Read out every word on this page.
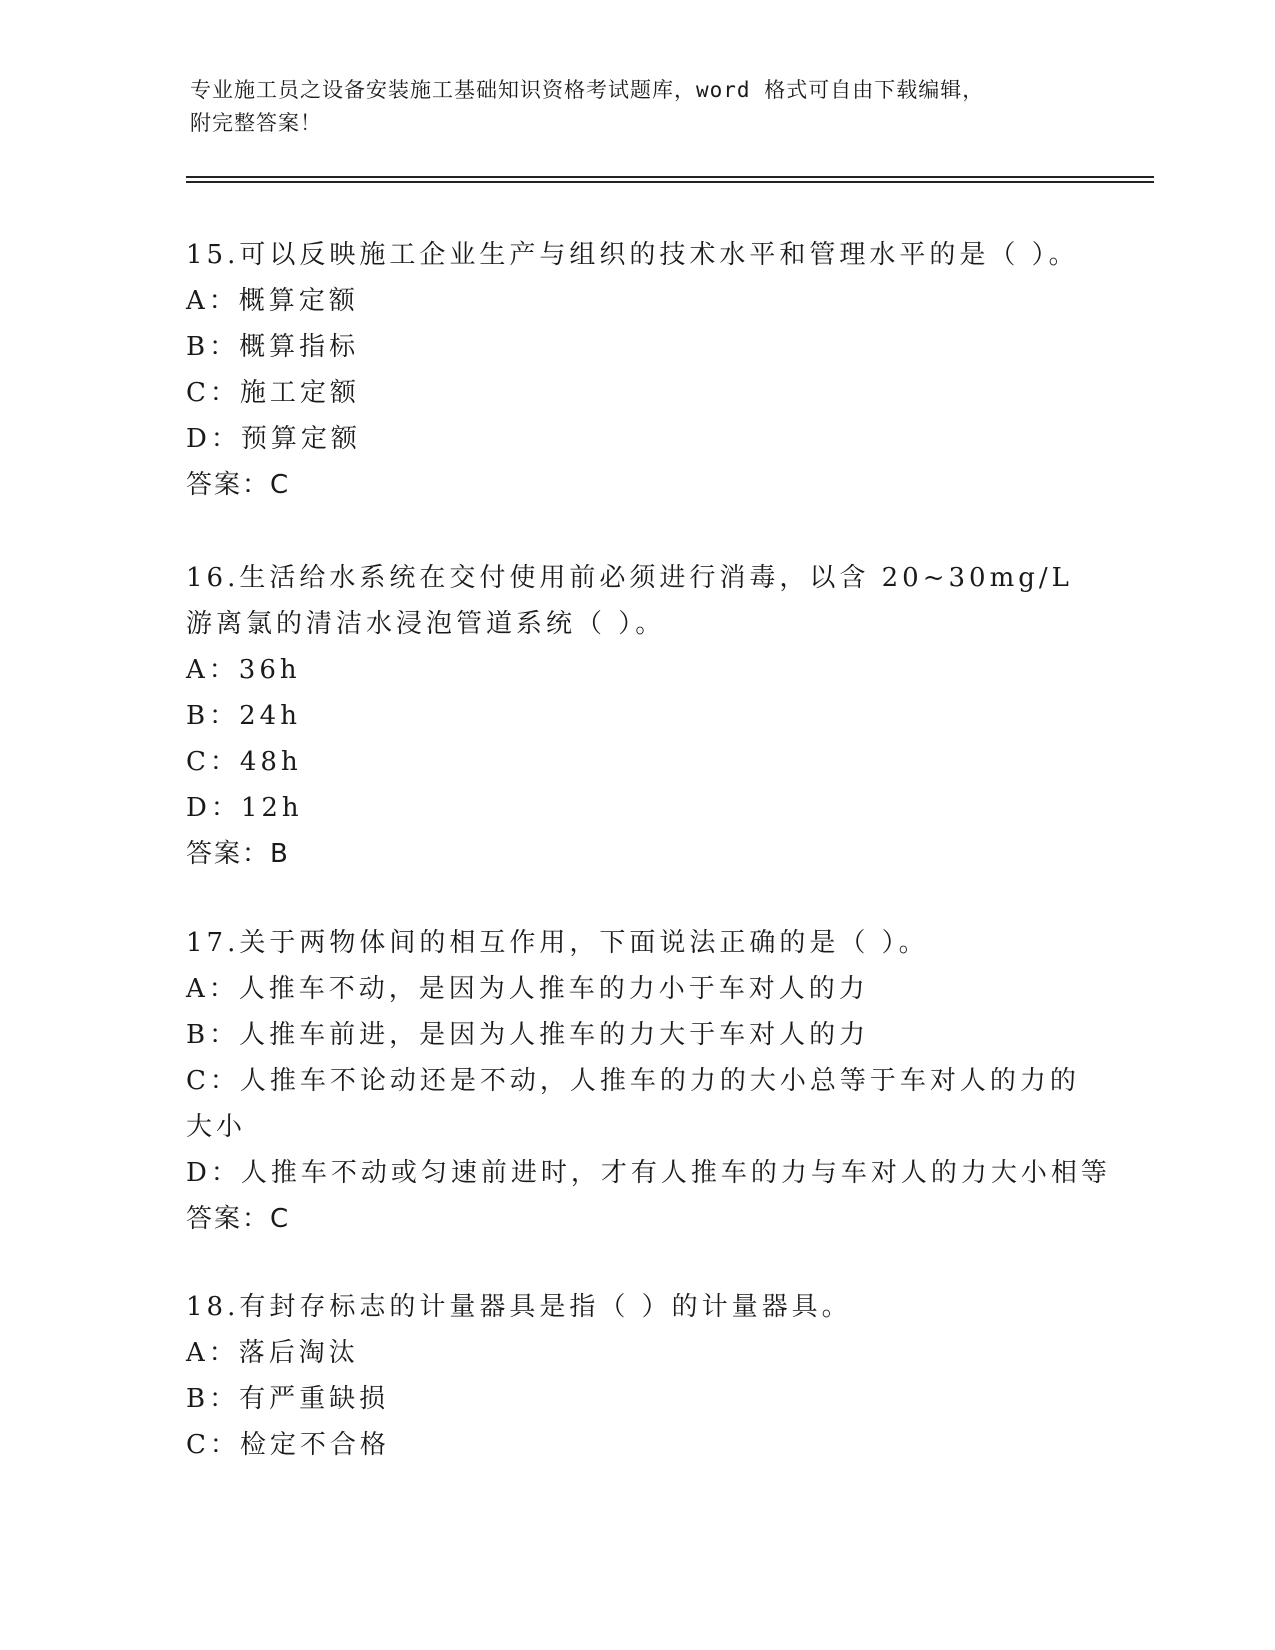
专业施工员之设备安装施工基础知识资格考试题库，word 格式可自由下载编辑，
附完整答案！
15.可以反映施工企业生产与组织的技术水平和管理水平的是（ ）。
A：概算定额
B：概算指标
C：施工定额
D：预算定额
答案：C
16.生活给水系统在交付使用前必须进行消毒，以含 20~30mg/L 游离氯的清洁水浸泡管道系统（ ）。
A：36h
B：24h
C：48h
D：12h
答案：B
17.关于两物体间的相互作用，下面说法正确的是（ ）。
A：人推车不动，是因为人推车的力小于车对人的力
B：人推车前进，是因为人推车的力大于车对人的力
C：人推车不论动还是不动，人推车的力的大小总等于车对人的力的大小
D：人推车不动或匀速前进时，才有人推车的力与车对人的力大小相等
答案：C
18.有封存标志的计量器具是指（ ）的计量器具。
A：落后淘汰
B：有严重缺损
C：检定不合格
